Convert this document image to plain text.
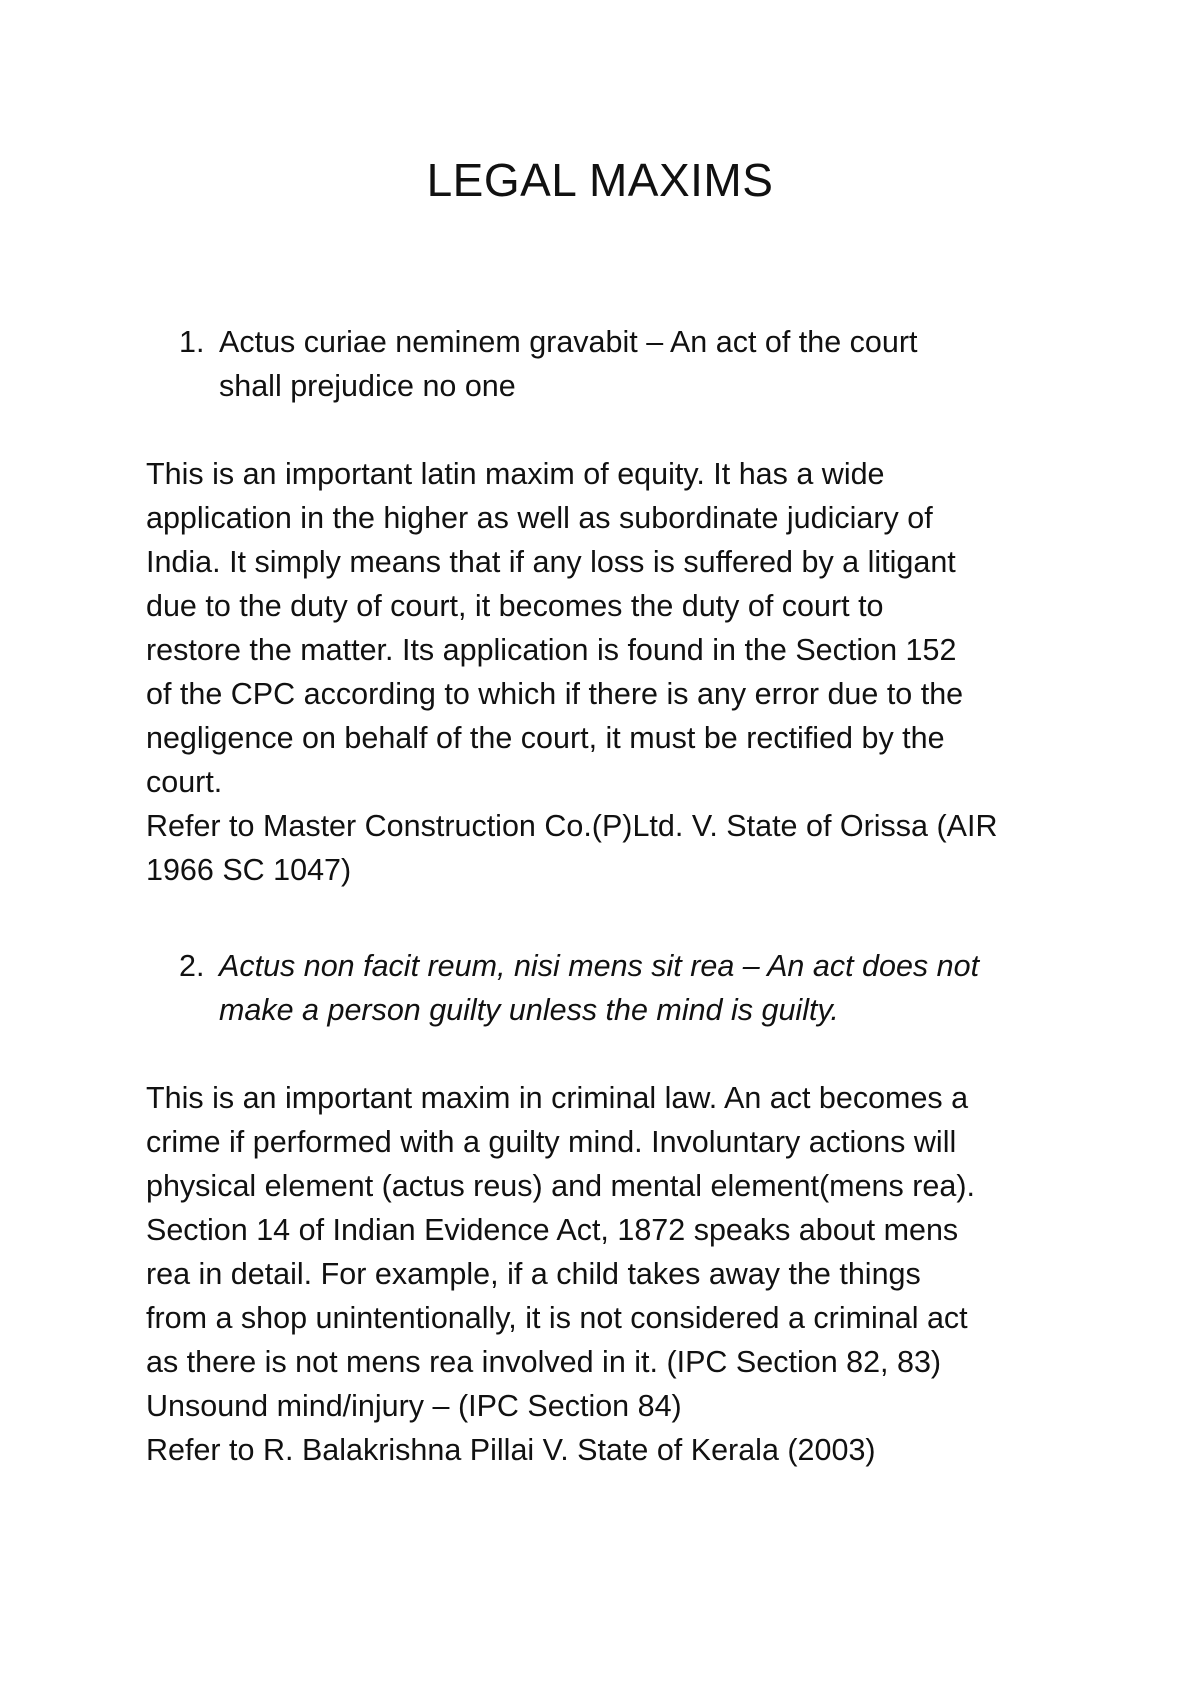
LEGAL MAXIMS
1. Actus curiae neminem gravabit – An act of the court
shall prejudice no one
This is an important latin maxim of equity. It has a wide
application in the higher as well as subordinate judiciary of
India. It simply means that if any loss is suffered by a litigant
due to the duty of court, it becomes the duty of court to
restore the matter. Its application is found in the Section 152
of the CPC according to which if there is any error due to the
negligence on behalf of the court, it must be rectified by the
court.
Refer to Master Construction Co.(P)Ltd. V. State of Orissa (AIR
1966 SC 1047)
2. Actus non facit reum, nisi mens sit rea – An act does not
make a person guilty unless the mind is guilty.
This is an important maxim in criminal law. An act becomes a
crime if performed with a guilty mind. Involuntary actions will
physical element (actus reus) and mental element(mens rea).
Section 14 of Indian Evidence Act, 1872 speaks about mens
rea in detail. For example, if a child takes away the things
from a shop unintentionally, it is not considered a criminal act
as there is not mens rea involved in it. (IPC Section 82, 83)
Unsound mind/injury – (IPC Section 84)
Refer to R. Balakrishna Pillai V. State of Kerala (2003)
